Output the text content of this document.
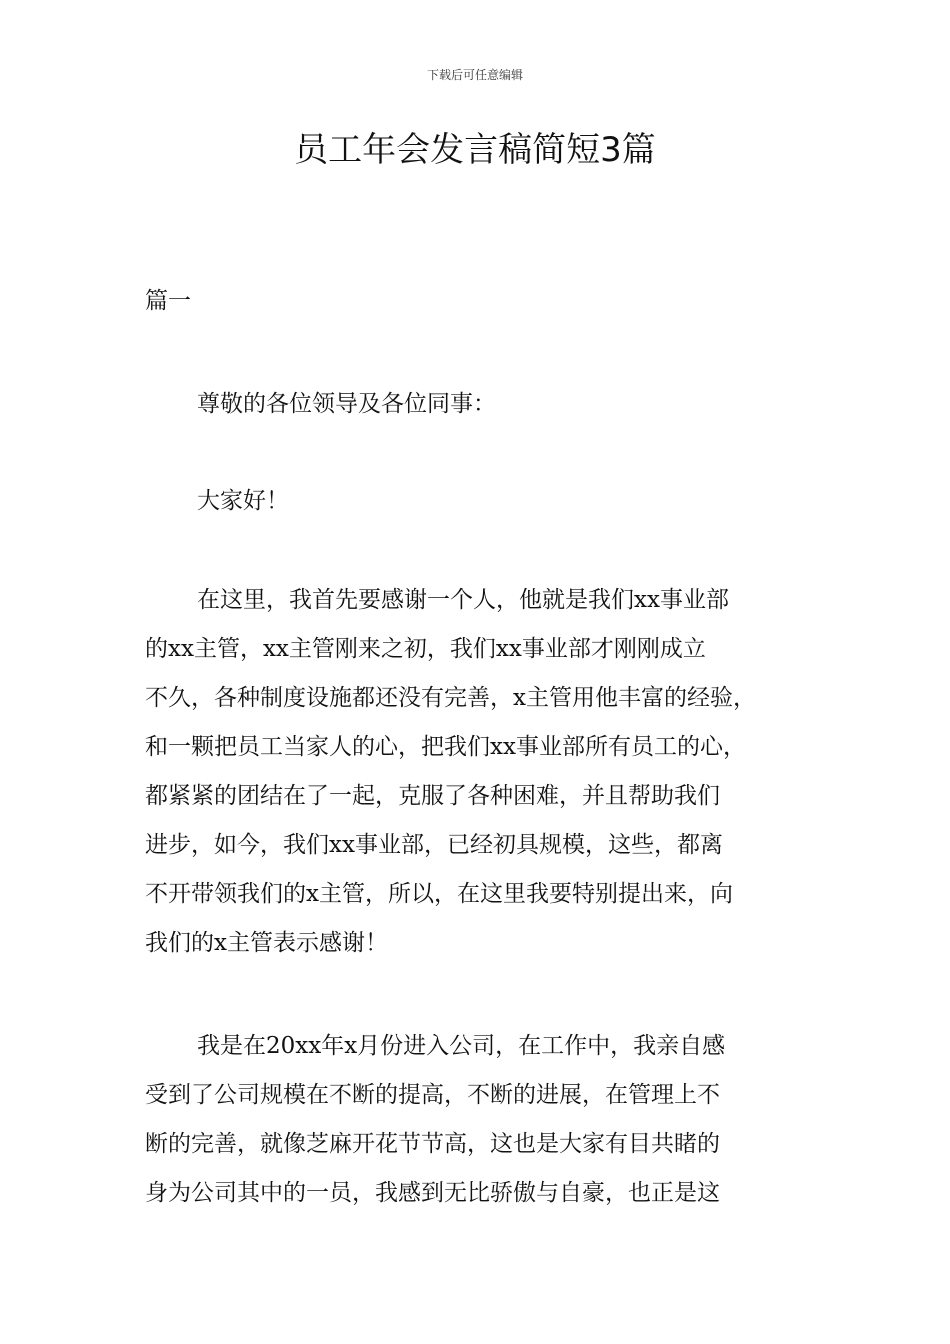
下载后可任意编辑
员工年会发言稿简短3篇
篇一

尊敬的各位领导及各位同事：

大家好！

在这里，我首先要感谢一个人，他就是我们xx事业部
的xx主管，xx主管刚来之初，我们xx事业部才刚刚成立
不久，各种制度设施都还没有完善，x主管用他丰富的经验，
和一颗把员工当家人的心，把我们xx事业部所有员工的心，
都紧紧的团结在了一起，克服了各种困难，并且帮助我们
进步，如今，我们xx事业部，已经初具规模，这些，都离
不开带领我们的x主管，所以，在这里我要特别提出来，向
我们的x主管表示感谢！

我是在20xx年x月份进入公司，在工作中，我亲自感
受到了公司规模在不断的提高，不断的进展，在管理上不
断的完善，就像芝麻开花节节高，这也是大家有目共睹的
身为公司其中的一员，我感到无比骄傲与自豪，也正是这
